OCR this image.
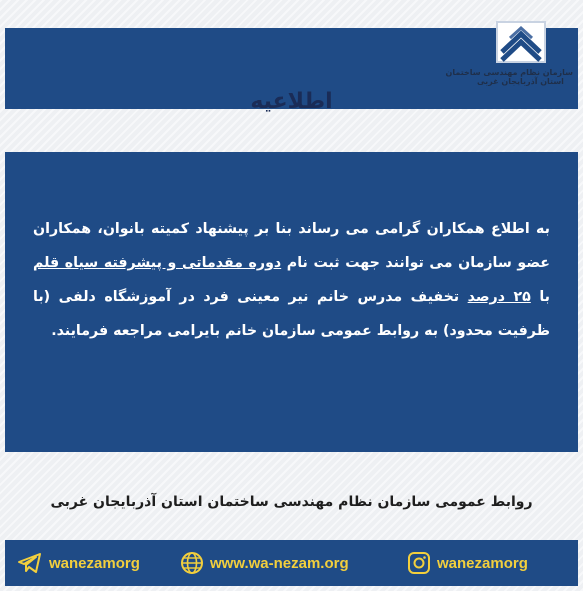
سازمان نظام مهندسی ساختمان
استان آذربایجان غربی
اطلاعیه
به اطلاع همکاران گرامی می رساند بنا بر پیشنهاد کمیته بانوان، همکاران عضو سازمان می توانند جهت ثبت نام دوره مقدماتی و پیشرفته سیاه قلم با ۲۵ درصد تخفیف مدرس خانم نیر معینی فرد در آموزشگاه دلفی (با ظرفیت محدود) به روابط عمومی سازمان خانم بایرامی مراجعه فرمایند.
روابط عمومی سازمان نظام مهندسی ساختمان استان آذربایجان غربی
wanezamorg	www.wa-nezam.org	wanezamorg
